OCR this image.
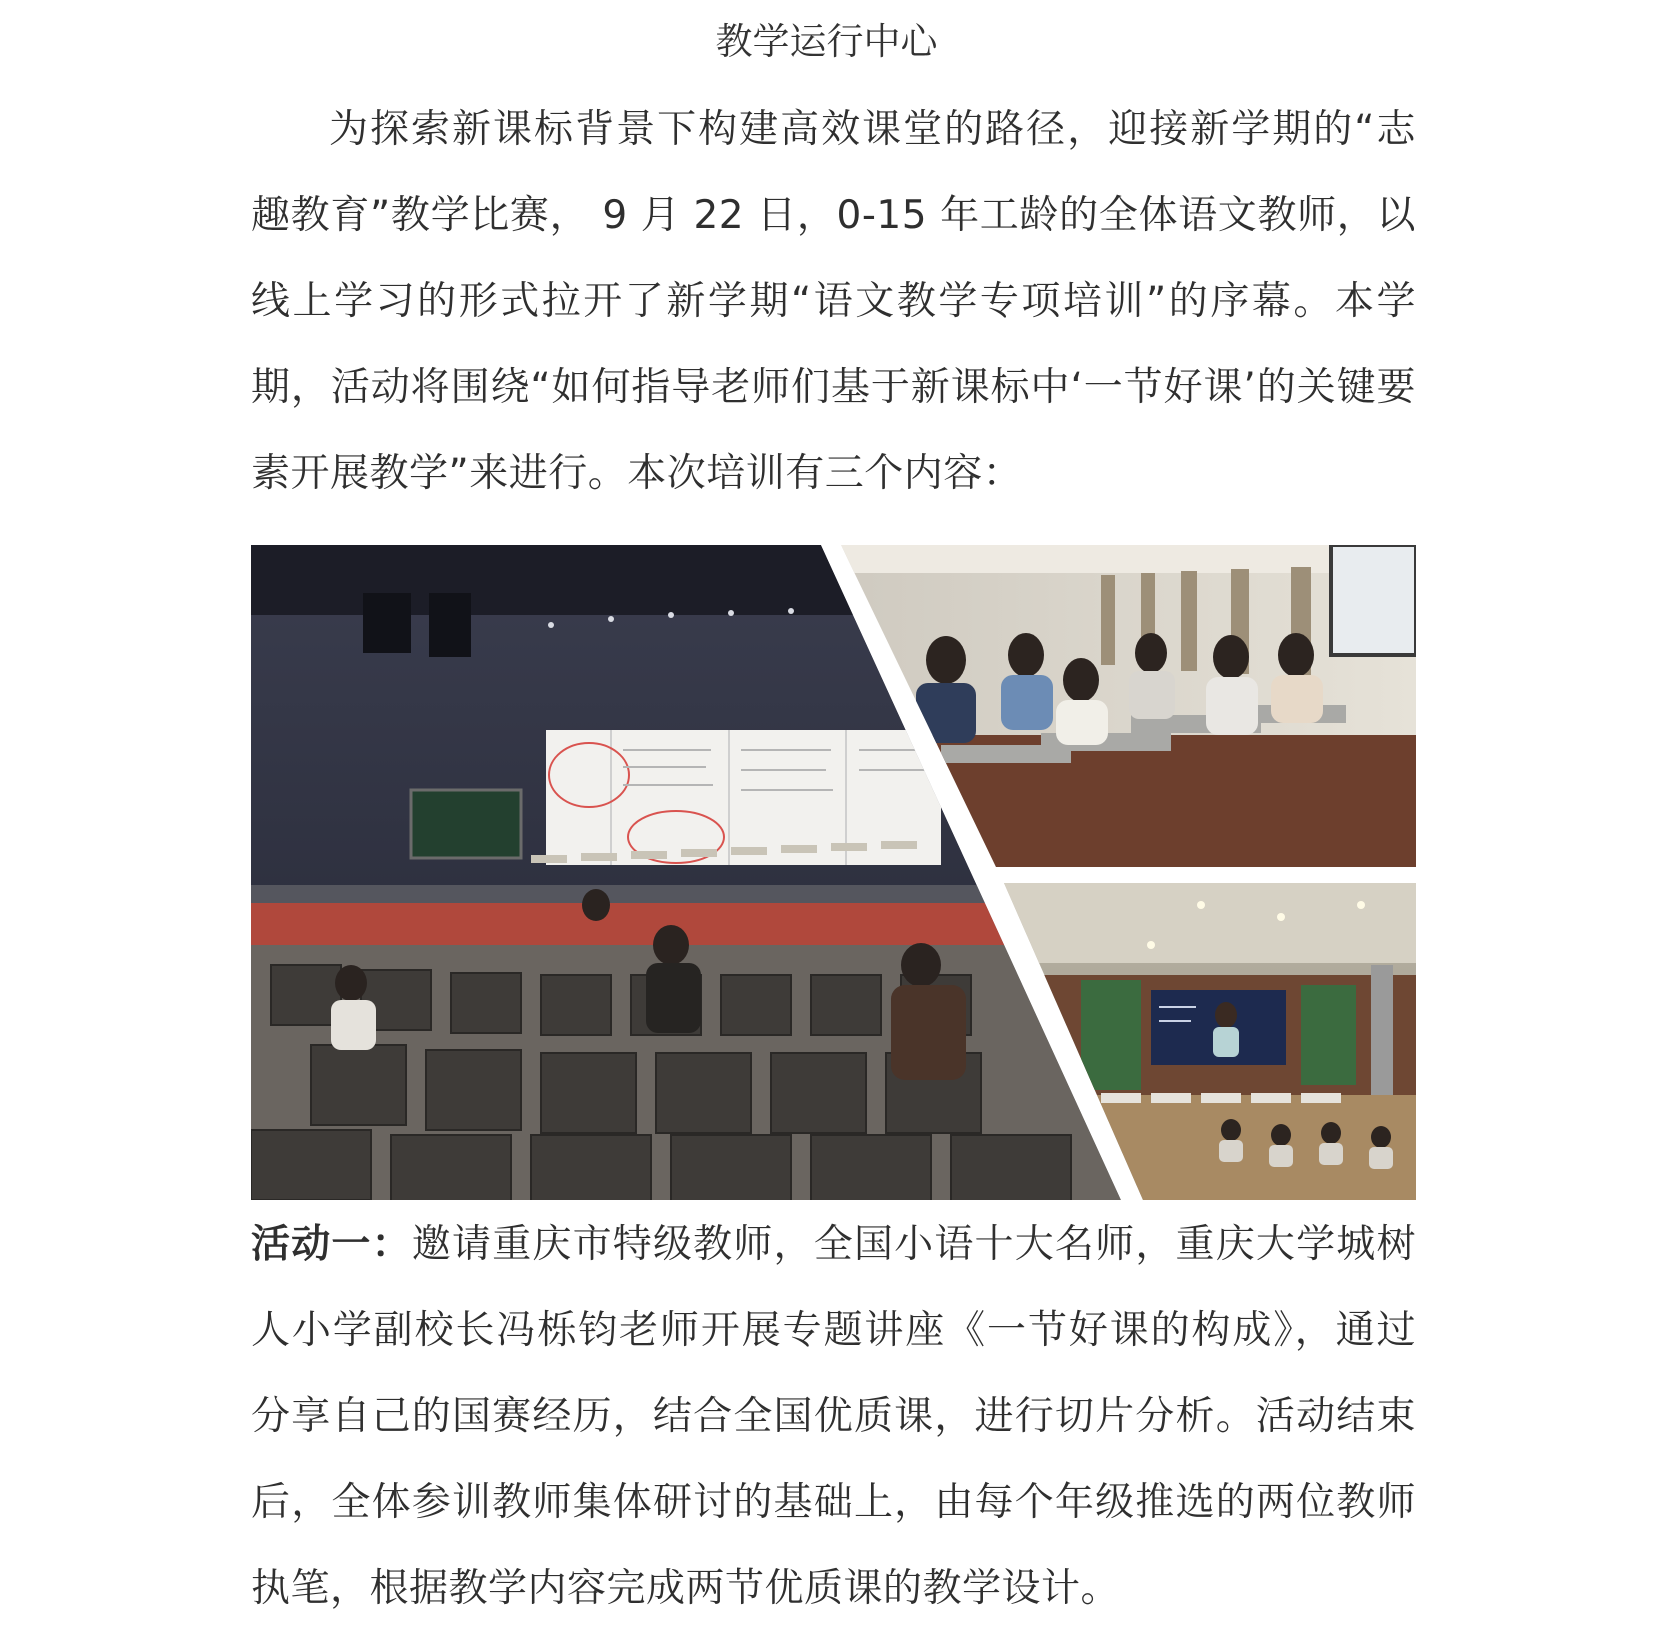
教学运行中心

为探索新课标背景下构建高效课堂的路径，迎接新学期的“志趣教育”教学比赛， 9 月 22 日，0-15 年工龄的全体语文教师，以线上学习的形式拉开了新学期“语文教学专项培训”的序幕。本学期，活动将围绕“如何指导老师们基于新课标中‘一节好课’的关键要素开展教学”来进行。本次培训有三个内容：

活动一：邀请重庆市特级教师，全国小语十大名师，重庆大学城树人小学副校长冯栎钧老师开展专题讲座《一节好课的构成》，通过分享自己的国赛经历，结合全国优质课，进行切片分析。活动结束后，全体参训教师集体研讨的基础上，由每个年级推选的两位教师执笔，根据教学内容完成两节优质课的教学设计。
